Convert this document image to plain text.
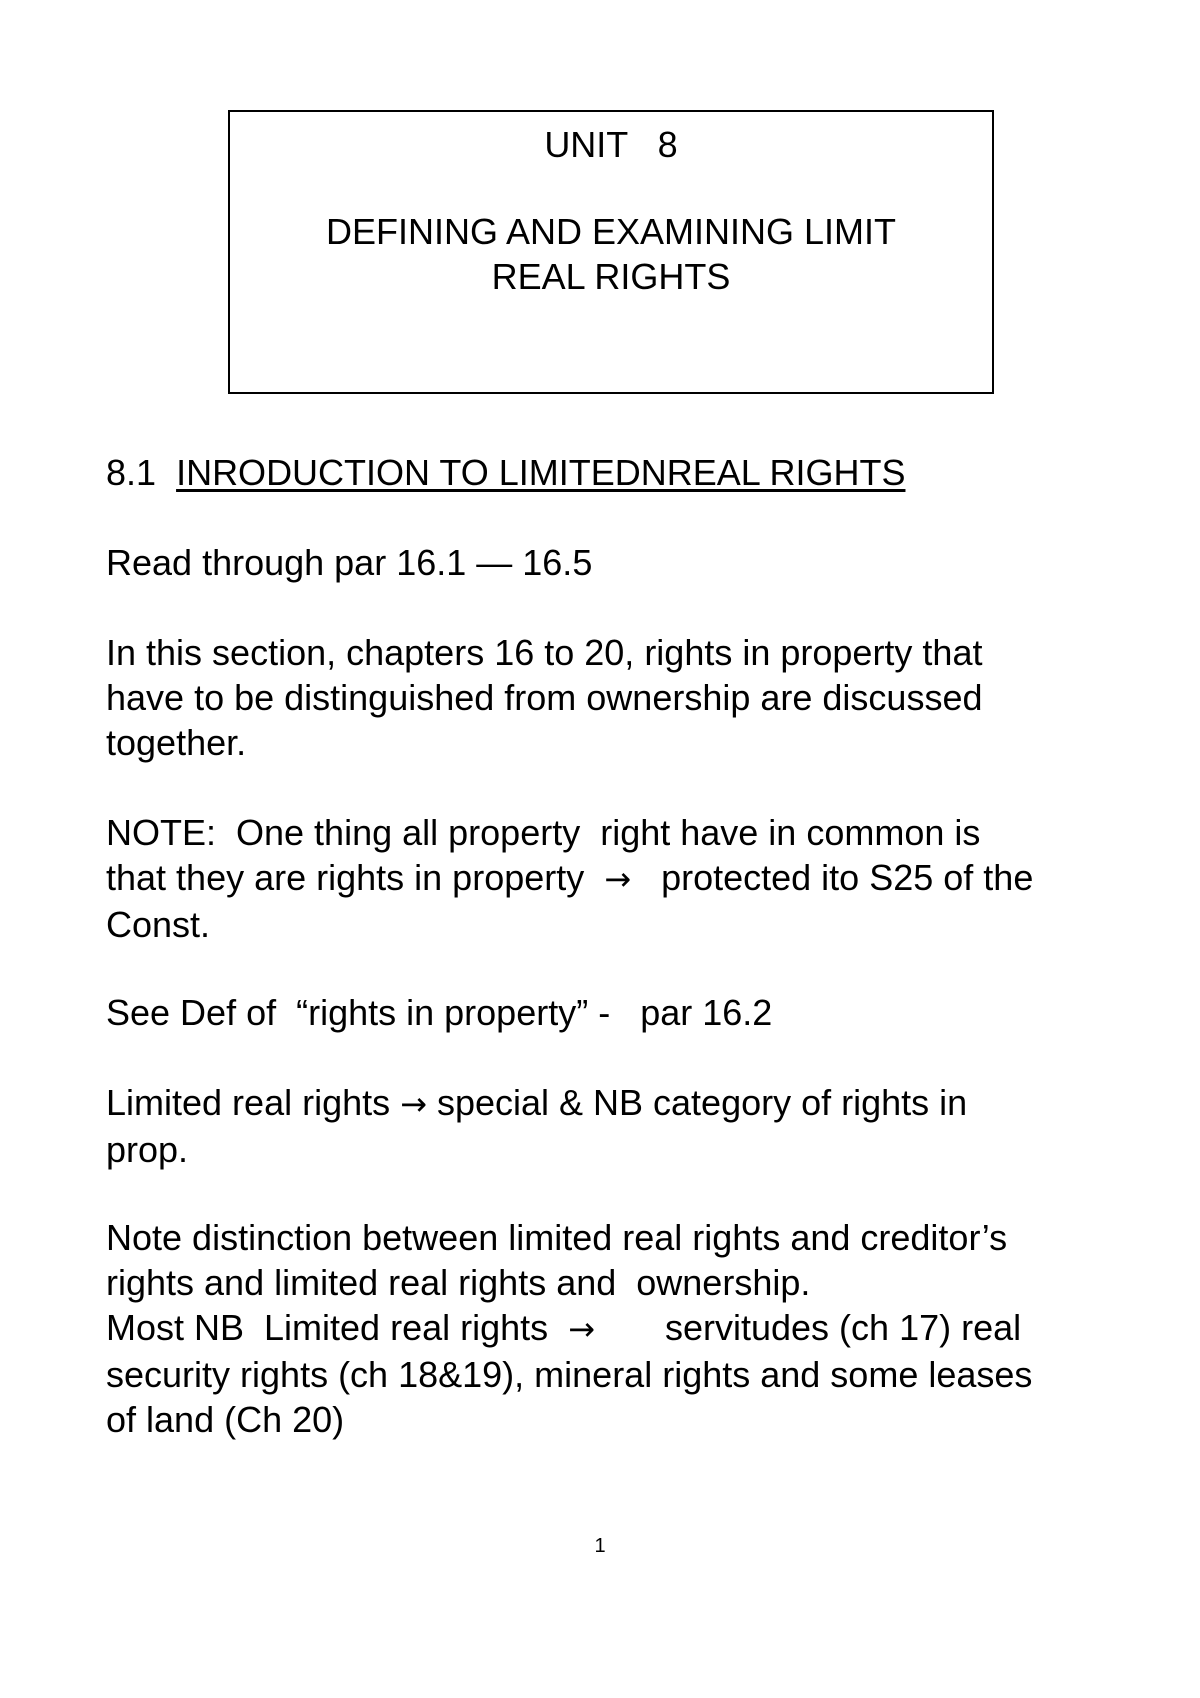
UNIT   8
DEFINING AND EXAMINING LIMIT
REAL RIGHTS
8.1  INRODUCTION TO LIMITEDNREAL RIGHTS
Read through par 16.1 — 16.5
In this section, chapters 16 to 20, rights in property that
have to be distinguished from ownership are discussed
together.
NOTE:  One thing all property  right have in common is
that they are rights in property  →   protected ito S25 of the
Const.
See Def of  “rights in property” -   par 16.2
Limited real rights → special & NB category of rights in
prop.
Note distinction between limited real rights and creditor’s
rights and limited real rights and  ownership.
Most NB  Limited real rights  →       servitudes (ch 17) real
security rights (ch 18&19), mineral rights and some leases
of land (Ch 20)
1
